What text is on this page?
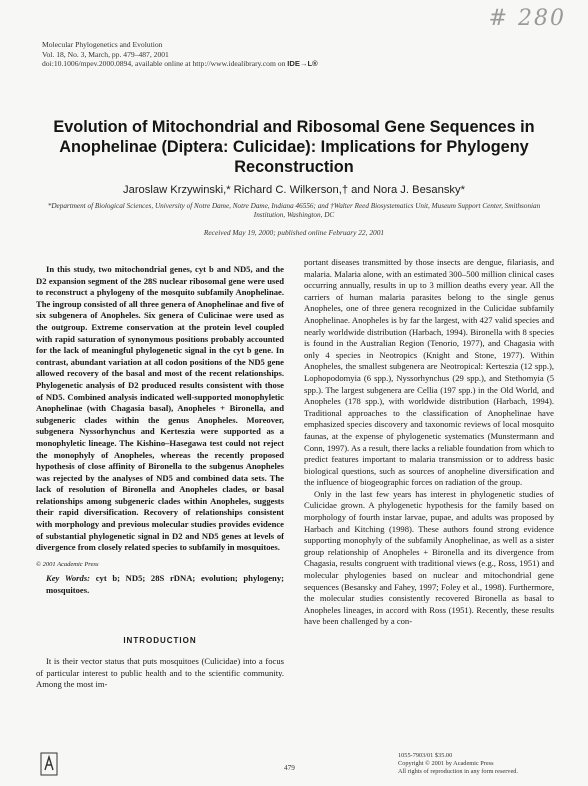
# 280
Molecular Phylogenetics and Evolution
Vol. 18, No. 3, March, pp. 479–487, 2001
doi:10.1006/mpev.2000.0894, available online at http://www.idealibrary.com on IDE→L®
Evolution of Mitochondrial and Ribosomal Gene Sequences in Anophelinae (Diptera: Culicidae): Implications for Phylogeny Reconstruction
Jaroslaw Krzywinski,* Richard C. Wilkerson,† and Nora J. Besansky*
*Department of Biological Sciences, University of Notre Dame, Notre Dame, Indiana 46556; and †Walter Reed Biosystematics Unit, Museum Support Center, Smithsonian Institution, Washington, DC
Received May 19, 2000; published online February 22, 2001

In this study, two mitochondrial genes, cyt b and ND5, and the D2 expansion segment of the 28S nuclear ribosomal gene were used to reconstruct a phylogeny of the mosquito subfamily Anophelinae. The ingroup consisted of all three genera of Anophelinae and five of six subgenera of Anopheles. Six genera of Culicinae were used as the outgroup. Extreme conservation at the protein level coupled with rapid saturation of synonymous positions probably accounted for the lack of meaningful phylogenetic signal in the cyt b gene. In contrast, abundant variation at all codon positions of the ND5 gene allowed recovery of the basal and most of the recent relationships. Phylogenetic analysis of D2 produced results consistent with those of ND5. Combined analysis indicated well-supported monophyletic Anophelinae (with Chagasia basal), Anopheles + Bironella, and subgeneric clades within the genus Anopheles. Moreover, subgenera Nyssorhynchus and Kerteszia were supported as a monophyletic lineage. The Kishino–Hasegawa test could not reject the monophyly of Anopheles, whereas the recently proposed hypothesis of close affinity of Bironella to the subgenus Anopheles was rejected by the analyses of ND5 and combined data sets. The lack of resolution of Bironella and Anopheles clades, or basal relationships among subgeneric clades within Anopheles, suggests their rapid diversification. Recovery of relationships consistent with morphology and previous molecular studies provides evidence of substantial phylogenetic signal in D2 and ND5 genes at levels of divergence from closely related species to subfamily in mosquitoes.

© 2001 Academic Press

Key Words: cyt b; ND5; 28S rDNA; evolution; phylogeny; mosquitoes.

INTRODUCTION

It is their vector status that puts mosquitoes (Culicidae) into a focus of particular interest to public health and to the scientific community. Among the most im-

portant diseases transmitted by those insects are dengue, filariasis, and malaria. Malaria alone, with an estimated 300–500 million clinical cases occurring annually, results in up to 3 million deaths every year. All the carriers of human malaria parasites belong to the single genus Anopheles, one of three genera recognized in the Culicidae subfamily Anophelinae. Anopheles is by far the largest, with 427 valid species and nearly worldwide distribution (Harbach, 1994). Bironella with 8 species is found in the Australian Region (Tenorio, 1977), and Chagasia with only 4 species in Neotropics (Knight and Stone, 1977). Within Anopheles, the smallest subgenera are Neotropical: Kerteszia (12 spp.), Lophopodomyia (6 spp.), Nyssorhynchus (29 spp.), and Stethomyia (5 spp.). The largest subgenera are Cellia (197 spp.) in the Old World, and Anopheles (178 spp.), with worldwide distribution (Harbach, 1994). Traditional approaches to the classification of Anophelinae have emphasized species discovery and taxonomic reviews of local mosquito faunas, at the expense of phylogenetic systematics (Munstermann and Conn, 1997). As a result, there lacks a reliable foundation from which to predict features important to malaria transmission or to address basic biological questions, such as sources of anopheline diversification and the influence of biogeographic forces on radiation of the group.

Only in the last few years has interest in phylogenetic studies of Culicidae grown. A phylogenetic hypothesis for the family based on morphology of fourth instar larvae, pupae, and adults was proposed by Harbach and Kitching (1998). These authors found strong evidence supporting monophyly of the subfamily Anophelinae, as well as a sister group relationship of Anopheles + Bironella and its divergence from Chagasia, results congruent with traditional views (e.g., Ross, 1951) and molecular phylogenies based on nuclear and mitochondrial gene sequences (Besansky and Fahey, 1997; Foley et al., 1998). Furthermore, the molecular studies consistently recovered Bironella as basal to Anopheles lineages, in accord with Ross (1951). Recently, these results have been challenged by a con-

479
1055-7903/01 $35.00
Copyright © 2001 by Academic Press
All rights of reproduction in any form reserved.
